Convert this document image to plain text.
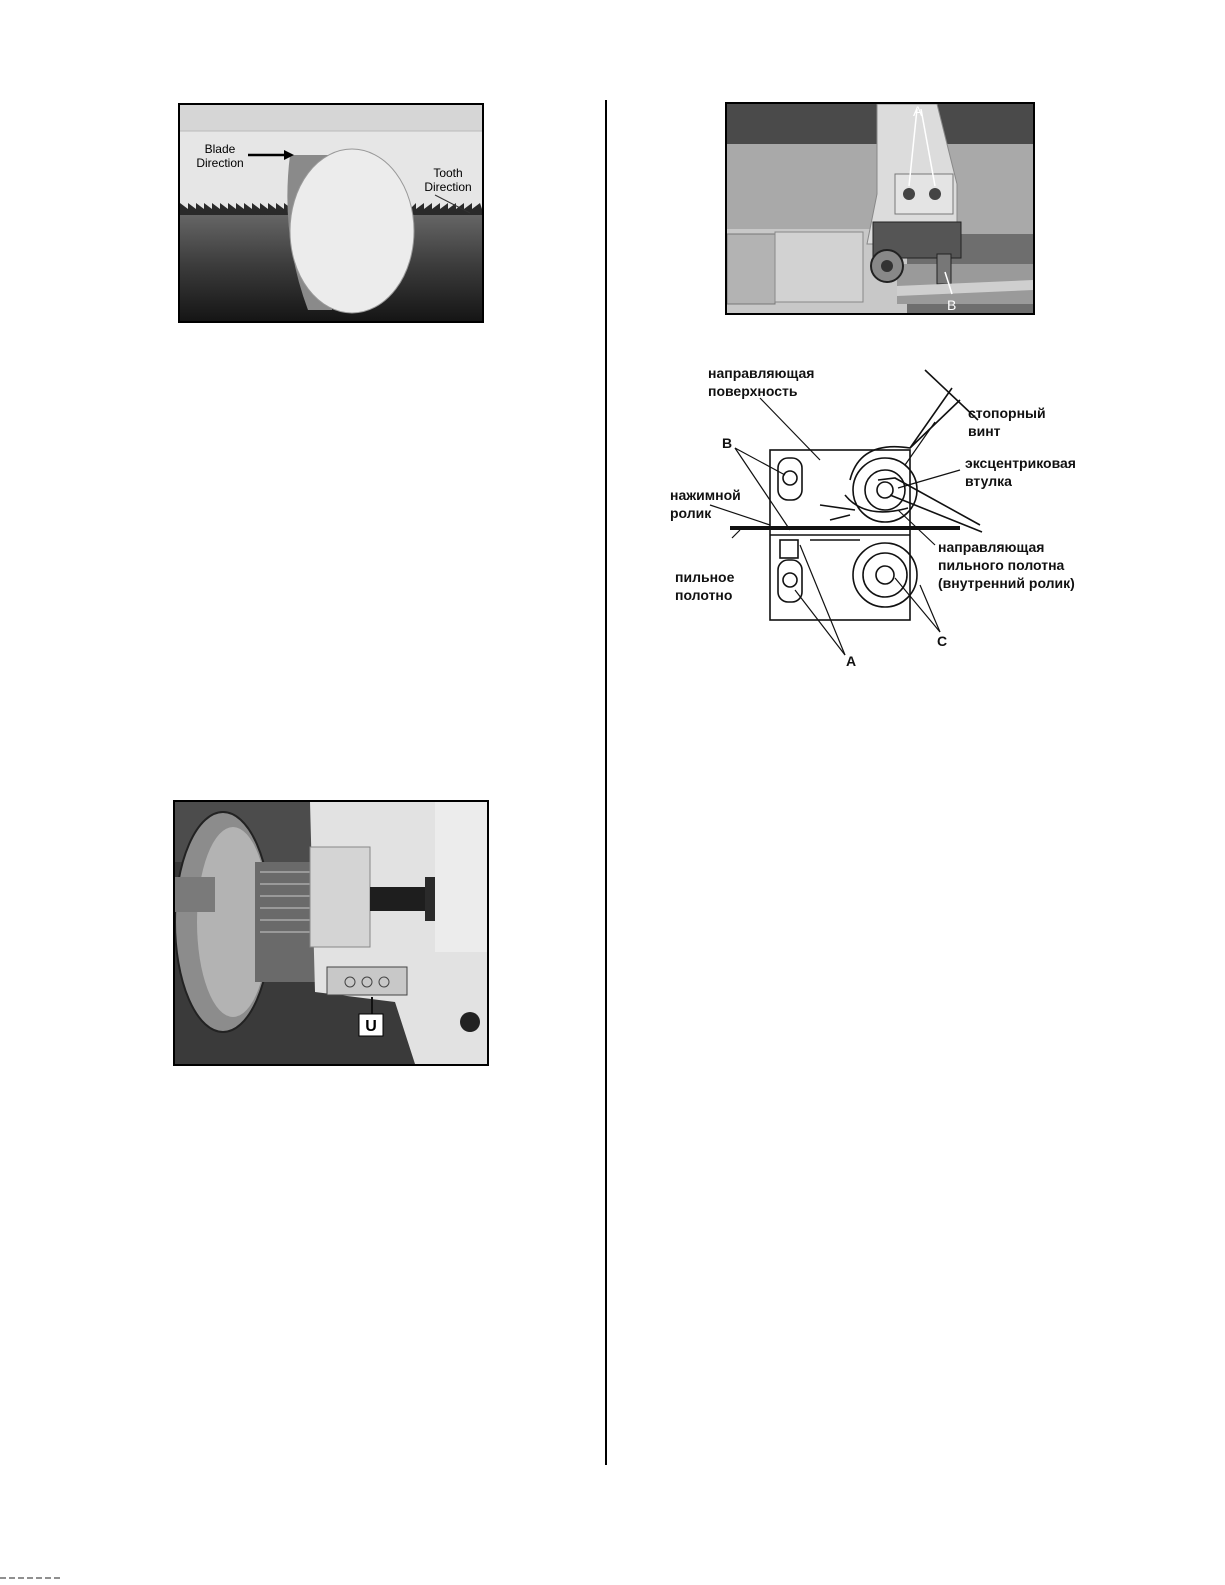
Blade
Direction
Tooth
Direction
A
B
направляющая
поверхность
стопорный
винт
эксцентриковая
втулка
нажимной
ролик
направляющая
пильного полотна
(внутренний ролик)
пильное
полотно
B
A
C
U
